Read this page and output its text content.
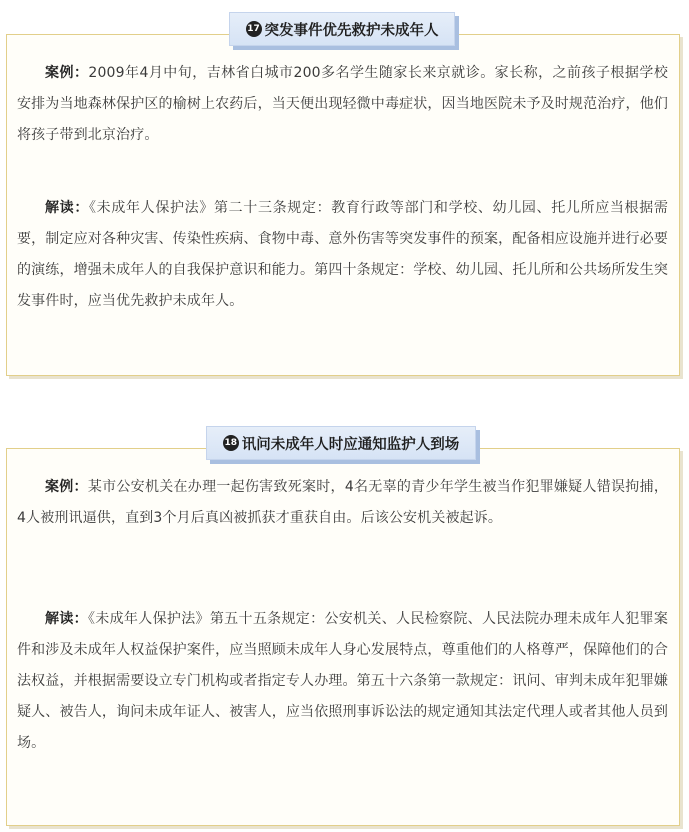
17 突发事件优先救护未成年人

案例：2009年4月中旬，吉林省白城市200多名学生随家长来京就诊。家长称，之前孩子根据学校安排为当地森林保护区的榆树上农药后，当天便出现轻微中毒症状，因当地医院未予及时规范治疗，他们将孩子带到北京治疗。

解读：《未成年人保护法》第二十三条规定：教育行政等部门和学校、幼儿园、托儿所应当根据需要，制定应对各种灾害、传染性疾病、食物中毒、意外伤害等突发事件的预案，配备相应设施并进行必要的演练，增强未成年人的自我保护意识和能力。第四十条规定：学校、幼儿园、托儿所和公共场所发生突发事件时，应当优先救护未成年人。

18 讯问未成年人时应通知监护人到场

案例：某市公安机关在办理一起伤害致死案时，4名无辜的青少年学生被当作犯罪嫌疑人错误拘捕，4人被刑讯逼供，直到3个月后真凶被抓获才重获自由。后该公安机关被起诉。

解读：《未成年人保护法》第五十五条规定：公安机关、人民检察院、人民法院办理未成年人犯罪案件和涉及未成年人权益保护案件，应当照顾未成年人身心发展特点，尊重他们的人格尊严，保障他们的合法权益，并根据需要设立专门机构或者指定专人办理。第五十六条第一款规定：讯问、审判未成年犯罪嫌疑人、被告人，询问未成年证人、被害人，应当依照刑事诉讼法的规定通知其法定代理人或者其他人员到场。
